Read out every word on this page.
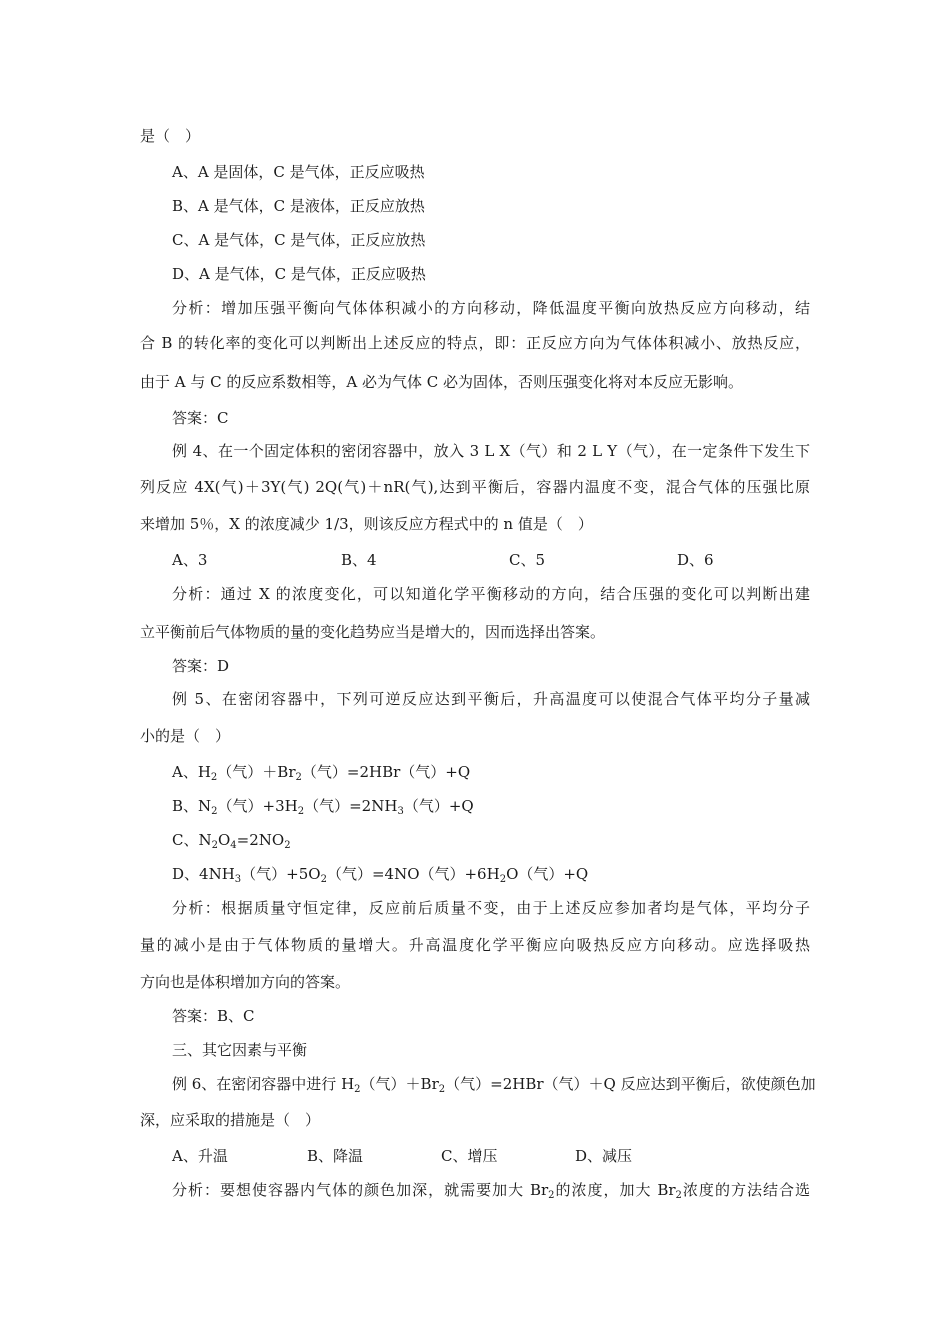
是（　）
A、A 是固体，C 是气体，正反应吸热
B、A 是气体，C 是液体，正反应放热
C、A 是气体，C 是气体，正反应放热
D、A 是气体，C 是气体，正反应吸热
分析：增加压强平衡向气体体积减小的方向移动，降低温度平衡向放热反应方向移动，结
合 B 的转化率的变化可以判断出上述反应的特点，即：正反应方向为气体体积减小、放热反应，
由于 A 与 C 的反应系数相等，A 必为气体 C 必为固体，否则压强变化将对本反应无影响。
答案：C
例 4、在一个固定体积的密闭容器中，放入 3 L X（气）和 2 L Y（气），在一定条件下发生下
列反应 4X(气)＋3Y(气) 2Q(气)＋nR(气),达到平衡后，容器内温度不变，混合气体的压强比原
来增加 5％，X 的浓度减少 1/3，则该反应方程式中的 n 值是（　）
A、3	B、4	C、5	D、6
分析：通过 X 的浓度变化，可以知道化学平衡移动的方向，结合压强的变化可以判断出建
立平衡前后气体物质的量的变化趋势应当是增大的，因而选择出答案。
答案：D
例 5、在密闭容器中，下列可逆反应达到平衡后，升高温度可以使混合气体平均分子量减
小的是（　）
A、$H_2$（气）$+Br_2$（气）=2HBr（气）+Q
B、$N_2$（气）$+3H_2$（气）$=2NH_3$（气）+Q
C、$N_2O_4=2NO_2$
D、$4NH_3$（气）$+5O_2$（气）=4NO（气）$+6H_2O$（气）+Q
分析：根据质量守恒定律，反应前后质量不变，由于上述反应参加者均是气体，平均分子
量的减小是由于气体物质的量增大。升高温度化学平衡应向吸热反应方向移动。应选择吸热
方向也是体积增加方向的答案。
答案：B、C
三、其它因素与平衡
例 6、在密闭容器中进行 $H_2$（气）$+Br_2$（气）=2HBr（气）＋Q 反应达到平衡后，欲使颜色加
深，应采取的措施是（　）
A、升温	B、降温	C、增压	D、减压
分析：要想使容器内气体的颜色加深，就需要加大 $Br_2$的浓度，加大 $Br_2$浓度的方法结合选
